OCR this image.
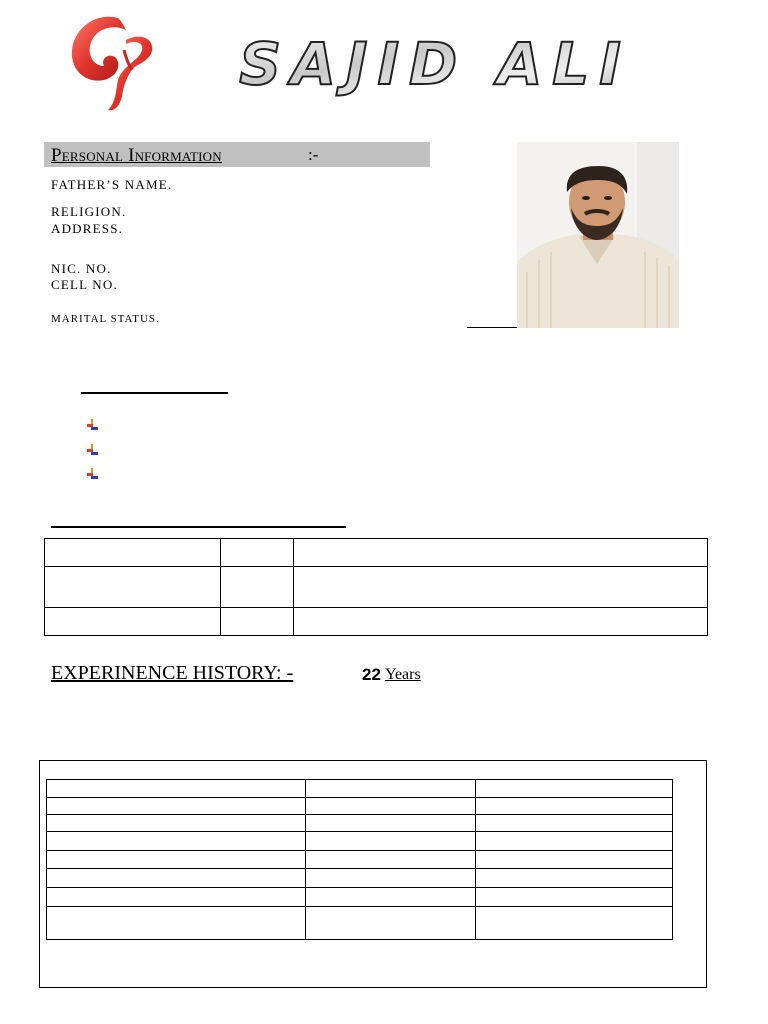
SAJID ALI
Personal Information	:-
FATHER’S NAME.
RELIGION.
ADDRESS.
NIC. NO.
CELL NO.
MARITAL STATUS.

EXPERINENCE HISTORY: -	22 Years
